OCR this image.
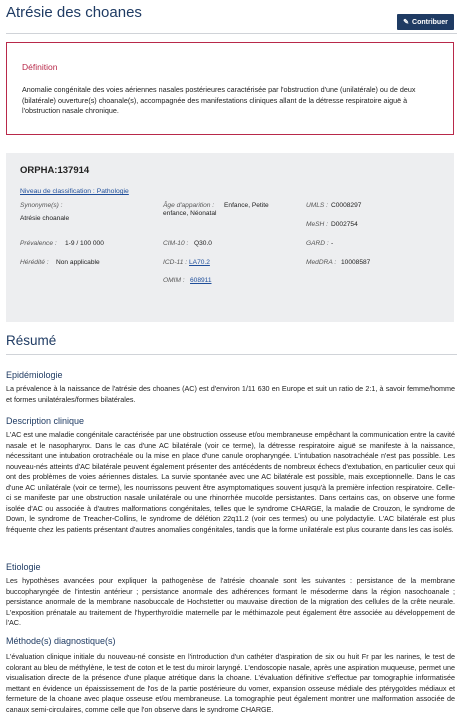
Atrésie des choanes
✎ Contribuer
Définition
Anomalie congénitale des voies aériennes nasales postérieures caractérisée par l'obstruction d'une (unilatérale) ou de deux (bilatérale) ouverture(s) choanale(s), accompagnée des manifestations cliniques allant de la détresse respiratoire aiguë à l'obstruction nasale chronique.
ORPHA:137914
Niveau de classification : Pathologie
Synonyme(s) :
Atrésie choanale
Âge d'apparition : Enfance, Petite
enfance, Néonatal
UMLS : C0008297
MeSH : D002754
Prévalence : 1-9 / 100 000	CIM-10 : Q30.0	GARD : -
Hérédité : Non applicable	ICD-11 : LA70.2	MedDRA : 10008587
OMIM : 608911
Résumé
Epidémiologie
La prévalence à la naissance de l'atrésie des choanes (AC) est d'environ 1/11 630 en Europe et suit un ratio de 2:1, à savoir femme/homme et formes unilatérales/formes bilatérales.
Description clinique
L'AC est une maladie congénitale caractérisée par une obstruction osseuse et/ou membraneuse empêchant la communication entre la cavité nasale et le nasopharynx. Dans le cas d'une AC bilatérale (voir ce terme), la détresse respiratoire aiguë se manifeste à la naissance, nécessitant une intubation orotrachéale ou la mise en place d'une canule oropharyngée. L'intubation nasotrachéale n'est pas possible. Les nouveau-nés atteints d'AC bilatérale peuvent également présenter des antécédents de nombreux échecs d'extubation, en particulier ceux qui ont des problèmes de voies aériennes distales. La survie spontanée avec une AC bilatérale est possible, mais exceptionnelle. Dans le cas d'une AC unilatérale (voir ce terme), les nourrissons peuvent être asymptomatiques souvent jusqu'à la première infection respiratoire. Celle-ci se manifeste par une obstruction nasale unilatérale ou une rhinorrhée mucoïde persistantes. Dans certains cas, on observe une forme isolée d'AC ou associée à d'autres malformations congénitales, telles que le syndrome CHARGE, la maladie de Crouzon, le syndrome de Down, le syndrome de Treacher-Collins, le syndrome de délétion 22q11.2 (voir ces termes) ou une polydactylie. L'AC bilatérale est plus fréquente chez les patients présentant d'autres anomalies congénitales, tandis que la forme unilatérale est plus courante dans les cas isolés.
Etiologie
Les hypothèses avancées pour expliquer la pathogenèse de l'atrésie choanale sont les suivantes : persistance de la membrane buccopharyngée de l'intestin antérieur ; persistance anormale des adhérences formant le mésoderme dans la région nasochoanale ; persistance anormale de la membrane nasobuccale de Hochstetter ou mauvaise direction de la migration des cellules de la crête neurale. L'exposition prénatale au traitement de l'hyperthyroïdie maternelle par le méthimazole peut également être associée au développement de l'AC.
Méthode(s) diagnostique(s)
L'évaluation clinique initiale du nouveau-né consiste en l'introduction d'un cathéter d'aspiration de six ou huit Fr par les narines, le test de colorant au bleu de méthylène, le test de coton et le test du miroir laryngé. L'endoscopie nasale, après une aspiration muqueuse, permet une visualisation directe de la présence d'une plaque atrétique dans la choane. L'évaluation définitive s'effectue par tomographie informatisée mettant en évidence un épaississement de l'os de la partie postérieure du vomer, expansion osseuse médiale des ptérygoïdes médiaux et fermeture de la choane avec plaque osseuse et/ou membraneuse. La tomographie peut également montrer une malformation associée de canaux semi-circulaires, comme celle que l'on observe dans le syndrome CHARGE.
